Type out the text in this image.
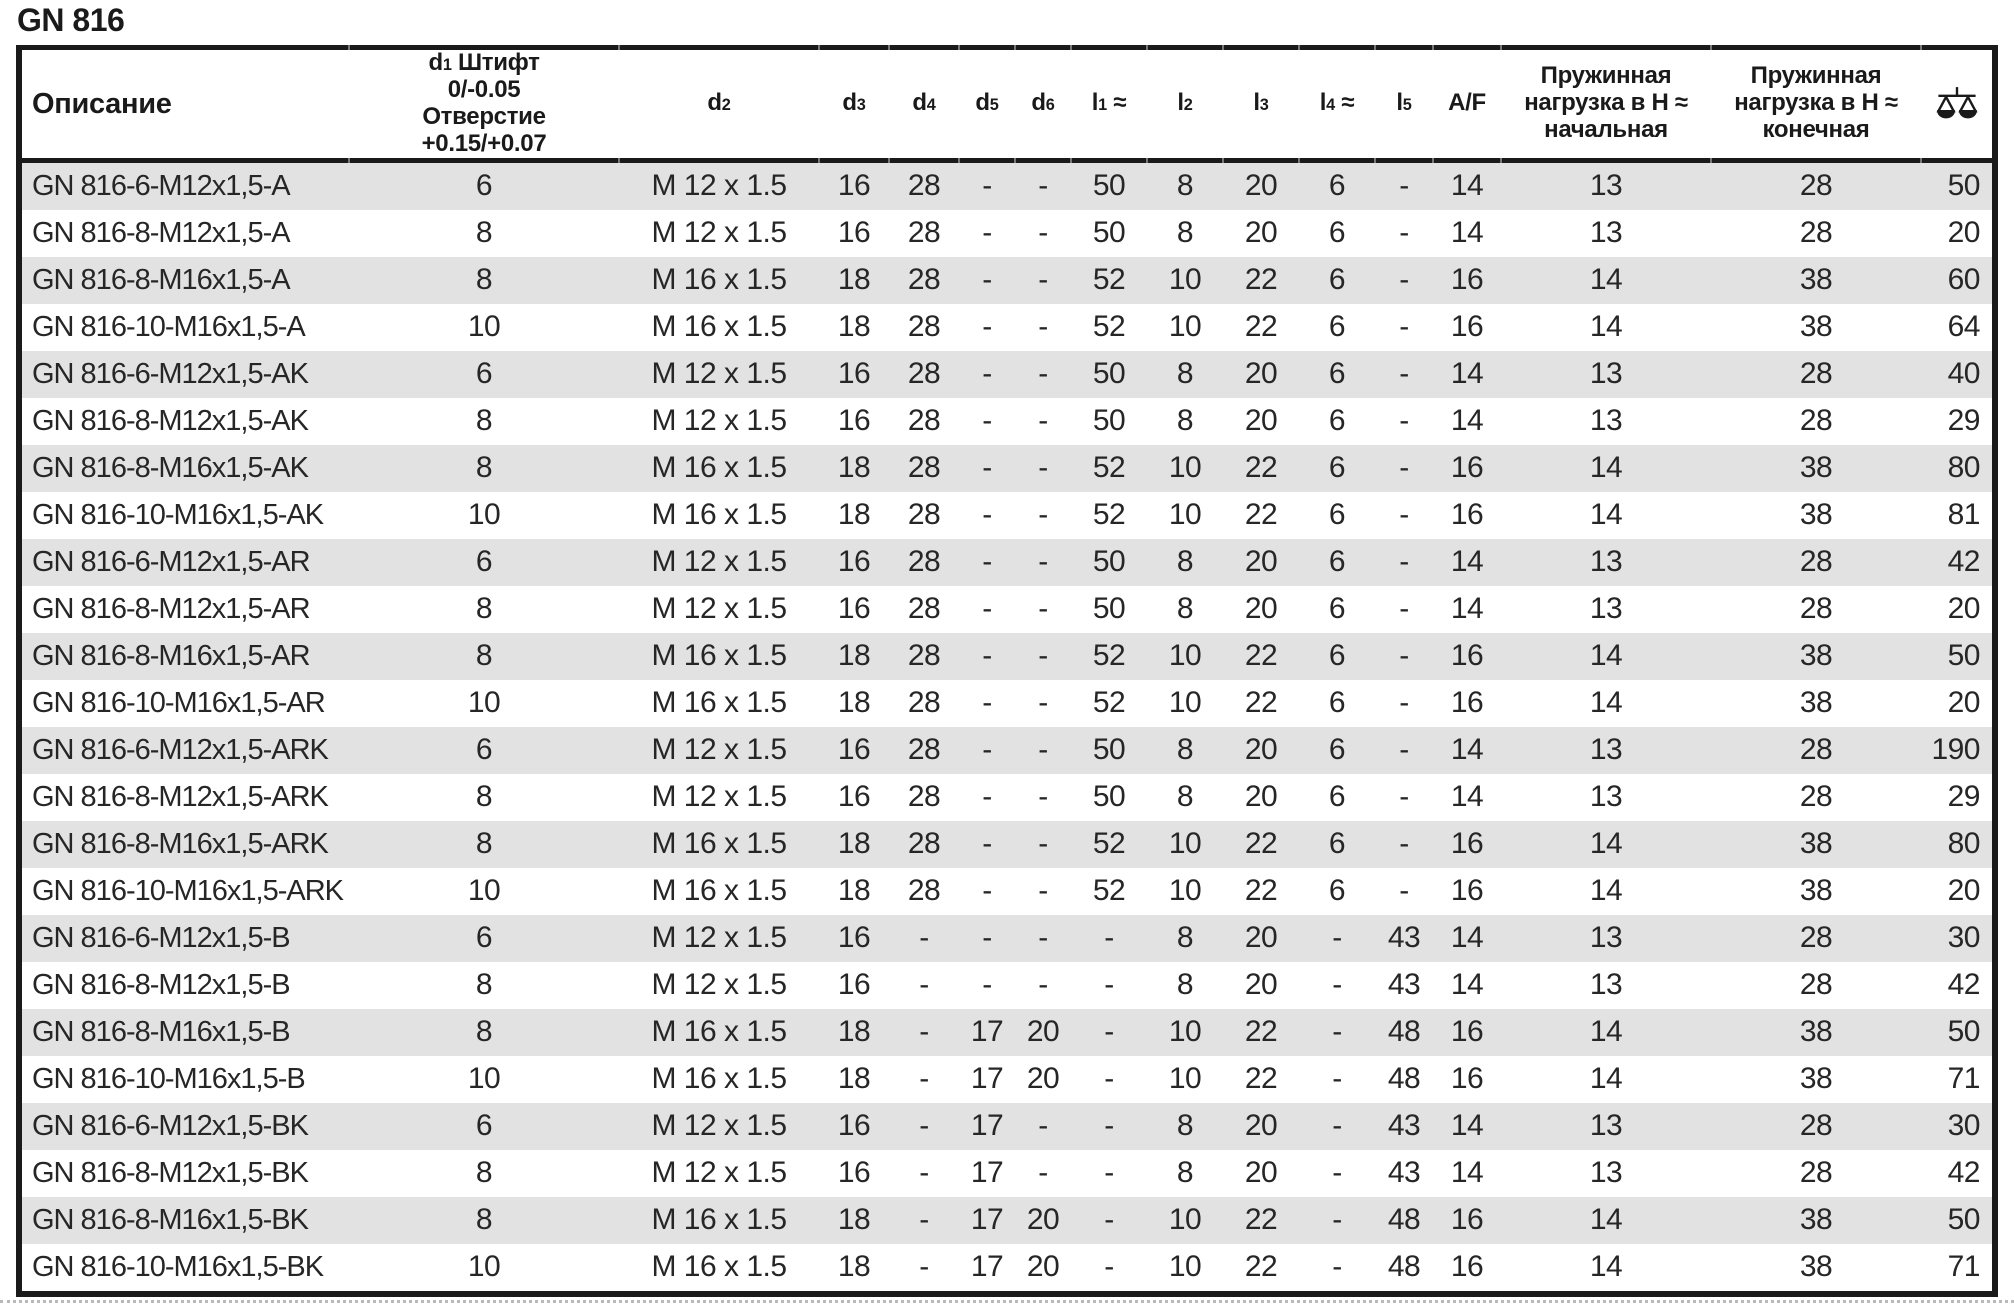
GN 816
Описание	d1 Штифт
0/-0.05
Отверстие
+0.15/+0.07	d2	d3	d4	d5	d6	l1 ≈	l2	l3	l4 ≈	l5	A/F	Пружинная
нагрузка в H ≈
начальная	Пружинная
нагрузка в H ≈
конечная	
GN 816-6-M12x1,5-A	6	M 12 x 1.5	16	28	-	-	50	8	20	6	-	14	13	28	50
GN 816-8-M12x1,5-A	8	M 12 x 1.5	16	28	-	-	50	8	20	6	-	14	13	28	20
GN 816-8-M16x1,5-A	8	M 16 x 1.5	18	28	-	-	52	10	22	6	-	16	14	38	60
GN 816-10-M16x1,5-A	10	M 16 x 1.5	18	28	-	-	52	10	22	6	-	16	14	38	64
GN 816-6-M12x1,5-AK	6	M 12 x 1.5	16	28	-	-	50	8	20	6	-	14	13	28	40
GN 816-8-M12x1,5-AK	8	M 12 x 1.5	16	28	-	-	50	8	20	6	-	14	13	28	29
GN 816-8-M16x1,5-AK	8	M 16 x 1.5	18	28	-	-	52	10	22	6	-	16	14	38	80
GN 816-10-M16x1,5-AK	10	M 16 x 1.5	18	28	-	-	52	10	22	6	-	16	14	38	81
GN 816-6-M12x1,5-AR	6	M 12 x 1.5	16	28	-	-	50	8	20	6	-	14	13	28	42
GN 816-8-M12x1,5-AR	8	M 12 x 1.5	16	28	-	-	50	8	20	6	-	14	13	28	20
GN 816-8-M16x1,5-AR	8	M 16 x 1.5	18	28	-	-	52	10	22	6	-	16	14	38	50
GN 816-10-M16x1,5-AR	10	M 16 x 1.5	18	28	-	-	52	10	22	6	-	16	14	38	20
GN 816-6-M12x1,5-ARK	6	M 12 x 1.5	16	28	-	-	50	8	20	6	-	14	13	28	190
GN 816-8-M12x1,5-ARK	8	M 12 x 1.5	16	28	-	-	50	8	20	6	-	14	13	28	29
GN 816-8-M16x1,5-ARK	8	M 16 x 1.5	18	28	-	-	52	10	22	6	-	16	14	38	80
GN 816-10-M16x1,5-ARK	10	M 16 x 1.5	18	28	-	-	52	10	22	6	-	16	14	38	20
GN 816-6-M12x1,5-B	6	M 12 x 1.5	16	-	-	-	-	8	20	-	43	14	13	28	30
GN 816-8-M12x1,5-B	8	M 12 x 1.5	16	-	-	-	-	8	20	-	43	14	13	28	42
GN 816-8-M16x1,5-B	8	M 16 x 1.5	18	-	17	20	-	10	22	-	48	16	14	38	50
GN 816-10-M16x1,5-B	10	M 16 x 1.5	18	-	17	20	-	10	22	-	48	16	14	38	71
GN 816-6-M12x1,5-BK	6	M 12 x 1.5	16	-	17	-	-	8	20	-	43	14	13	28	30
GN 816-8-M12x1,5-BK	8	M 12 x 1.5	16	-	17	-	-	8	20	-	43	14	13	28	42
GN 816-8-M16x1,5-BK	8	M 16 x 1.5	18	-	17	20	-	10	22	-	48	16	14	38	50
GN 816-10-M16x1,5-BK	10	M 16 x 1.5	18	-	17	20	-	10	22	-	48	16	14	38	71
